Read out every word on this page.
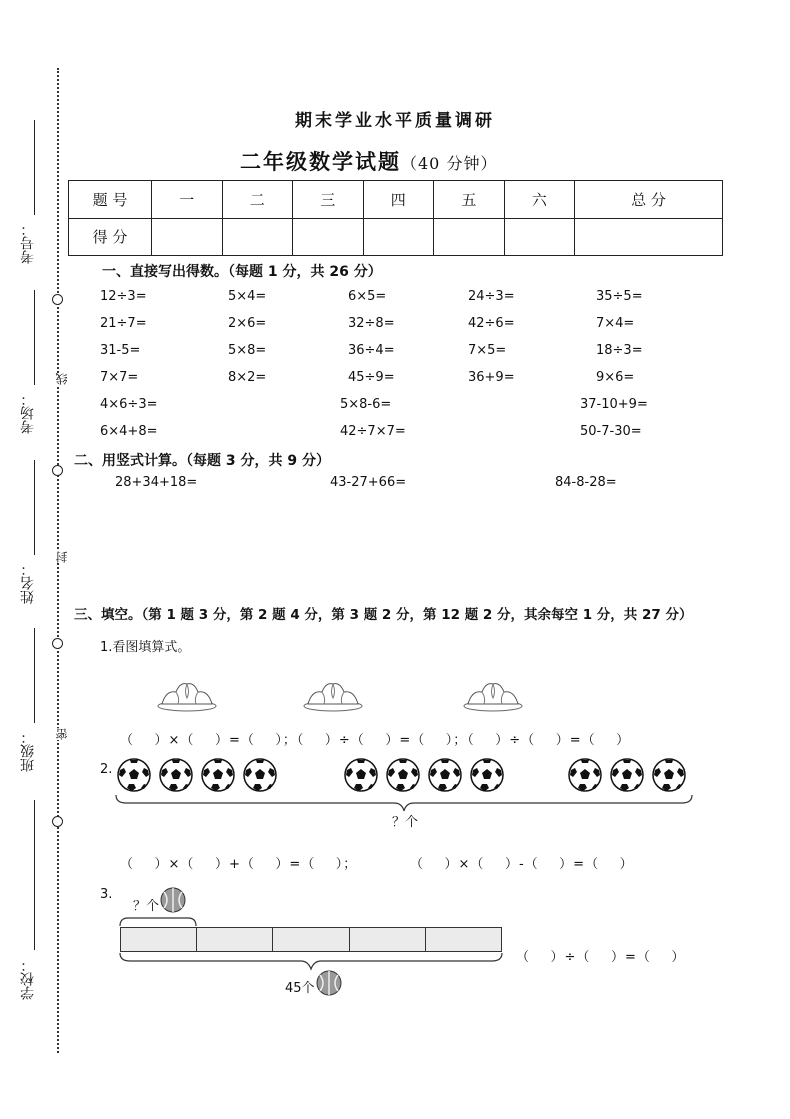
考号：
考场：
姓名：
班级：
学校：
线
封
密
期末学业水平质量调研
二年级数学试题（40 分钟）
题 号	一	二	三	四	五	六	总 分
得 分							
一、直接写出得数。（每题 1 分，共 26 分）
12÷3=	5×4=	6×5=	24÷3=	35÷5=
21÷7=	2×6=	32÷8=	42÷6=	7×4=
31-5=	5×8=	36÷4=	7×5=	18÷3=
7×7=	8×2=	45÷9=	36+9=	9×6=
4×6÷3=	5×8-6=	37-10+9=
6×4+8=	42÷7×7=	50-7-30=
二、用竖式计算。（每题 3 分，共 9 分）
28+34+18=	43-27+66=	84-8-28=
三、填空。（第 1 题 3 分，第 2 题 4 分，第 3 题 2 分，第 12 题 2 分，其余每空 1 分，共 27 分）
1.看图填算式。
（    ）×（    ）=（    ）；（    ）÷（    ）=（    ）；（    ）÷（    ）=（    ）
2.
？个
（    ）×（    ）+（    ）=（    ）；	（    ）×（    ）-（    ）=（    ）
3.
？个
45个
（    ）÷（    ）=（    ）
